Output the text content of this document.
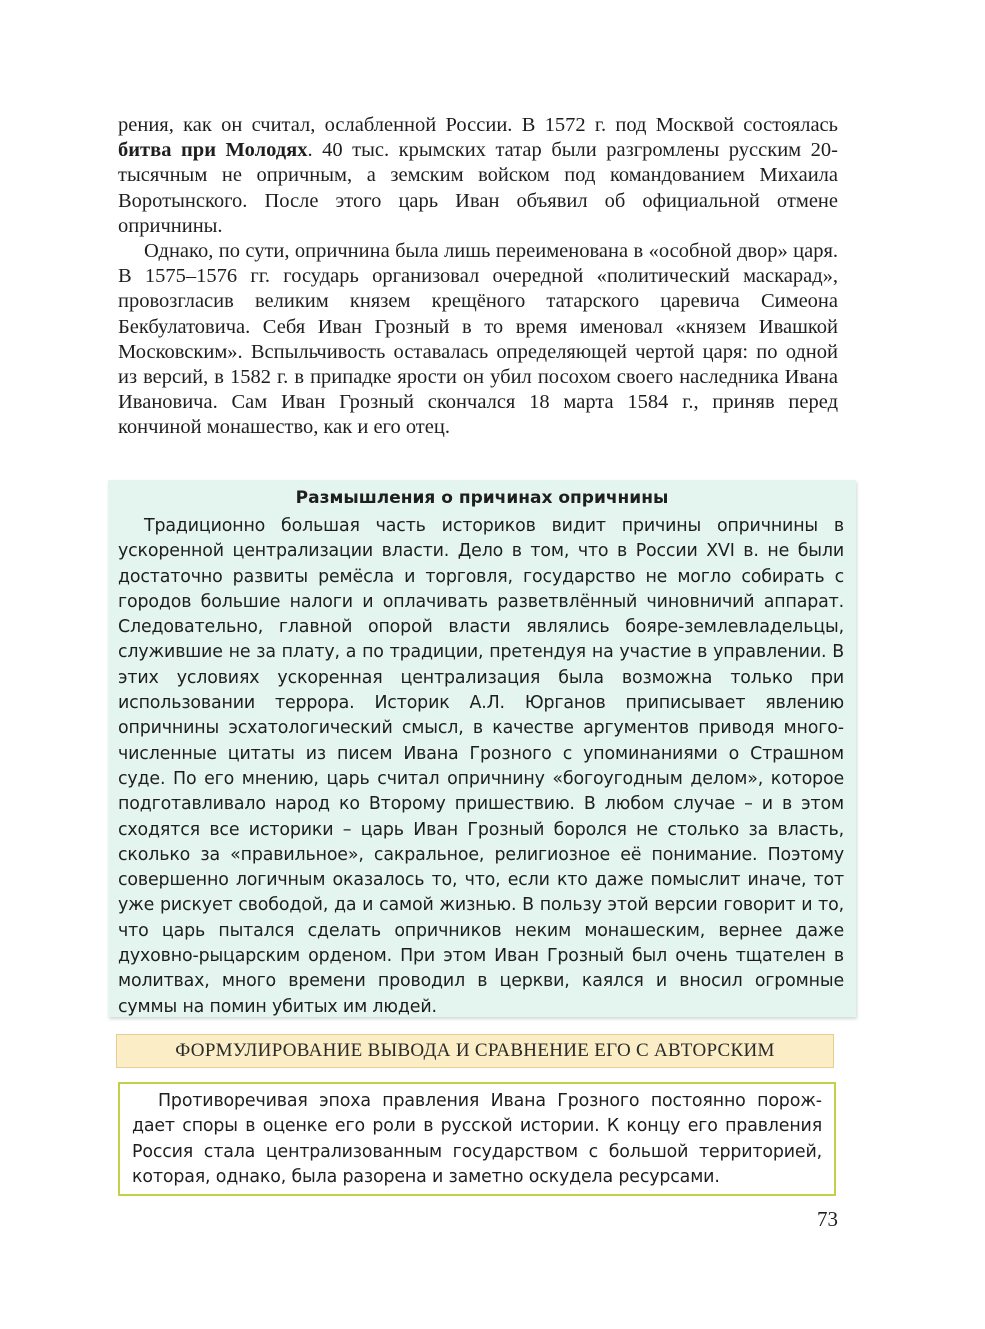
рения, как он считал, ослабленной России. В 1572 г. под Москвой состоялась битва при Молодях. 40 тыс. крымских татар были разгромлены русским 20-тысячным не опричным, а земским войском под командованием Михаила Воротынского. После этого царь Иван объявил об официальной отмене опричнины.

Однако, по сути, опричнина была лишь переименована в «особной двор» царя. В 1575–1576 гг. государь организовал очередной «политический маскарад», провозгласив великим князем крещёного татарского царевича Симеона Бекбулатовича. Себя Иван Грозный в то время именовал «князем Ивашкой Московским». Вспыльчивость оставалась определяющей чертой царя: по одной из версий, в 1582 г. в припадке ярости он убил посохом своего наследника Ивана Ивановича. Сам Иван Грозный скончался 18 марта 1584 г., приняв перед кончиной монашество, как и его отец.

Размышления о причинах опричнины

Традиционно большая часть историков видит причины опричнины в ускоренной централизации власти. Дело в том, что в России XVI в. не были достаточно развиты ремёсла и торговля, государство не могло собирать с городов большие налоги и оплачивать разветвлённый чиновничий аппарат. Следовательно, главной опорой власти являлись бояре-землевладельцы, служившие не за плату, а по традиции, претендуя на участие в управлении. В этих условиях ускоренная централизация была возможна только при использовании террора. Историк А.Л. Юрганов приписывает явлению опричнины эсхатологический смысл, в качестве аргументов приводя многочисленные цитаты из писем Ивана Грозного с упоминаниями о Страшном суде. По его мнению, царь считал опричнину «богоугодным делом», которое подготавливало народ ко Второму пришествию. В любом случае – и в этом сходятся все историки – царь Иван Грозный боролся не столько за власть, сколько за «правильное», сакральное, религиозное её понимание. Поэтому совершенно логичным оказалось то, что, если кто даже помыслит иначе, тот уже рискует свободой, да и самой жизнью. В пользу этой версии говорит и то, что царь пытался сделать опричников неким монашеским, вернее даже духовно-рыцарским орденом. При этом Иван Грозный был очень тщателен в молитвах, много времени проводил в церкви, каялся и вносил огромные суммы на помин убитых им людей.

ФОРМУЛИРОВАНИЕ ВЫВОДА И СРАВНЕНИЕ ЕГО С АВТОРСКИМ

Противоречивая эпоха правления Ивана Грозного постоянно порождает споры в оценке его роли в русской истории. К концу его правления Россия стала централизованным государством с большой территорией, которая, однако, была разорена и заметно оскудела ресурсами.

73
